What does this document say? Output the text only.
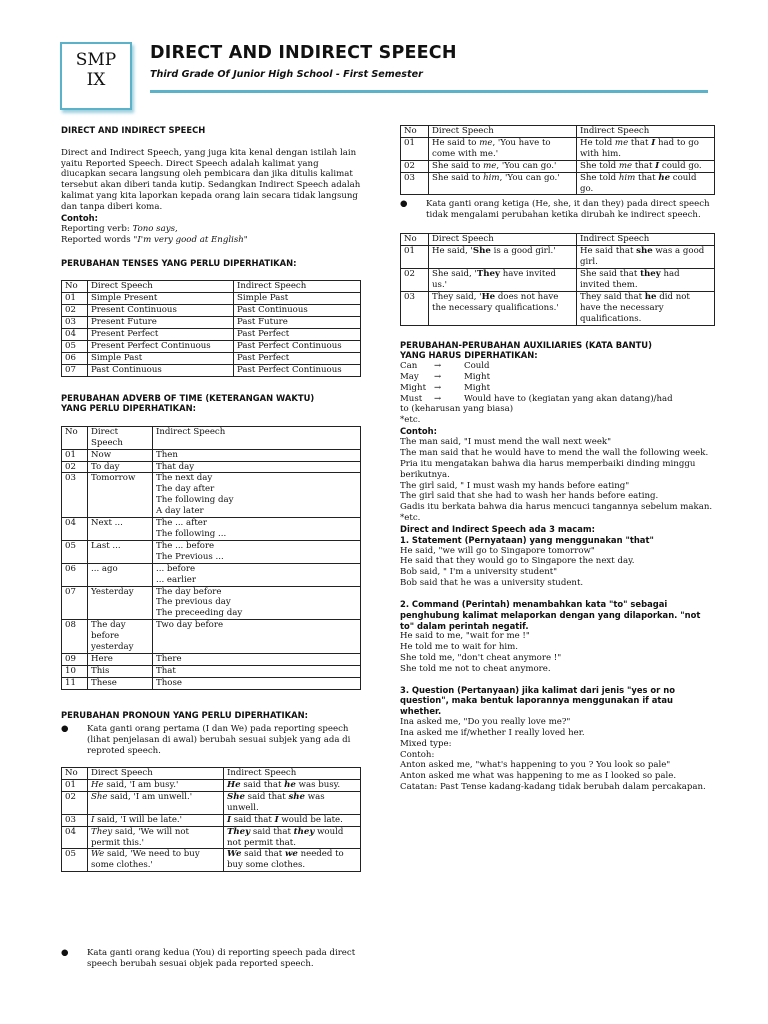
SMP
IX
DIRECT AND INDIRECT SPEECH
Third Grade Of Junior High School - First Semester

DIRECT AND INDIRECT SPEECH

Direct and Indirect Speech, yang juga kita kenal dengan istilah lain yaitu Reported Speech. Direct Speech adalah kalimat yang diucapkan secara langsung oleh pembicara dan jika ditulis kalimat tersebut akan diberi tanda kutip. Sedangkan Indirect Speech adalah kalimat yang kita laporkan kepada orang lain secara tidak langsung dan tanpa diberi koma.

Contoh:

Reporting verb: Tono says,

Reported words "I'm very good at English"

PERUBAHAN TENSES YANG PERLU DIPERHATIKAN:

No	Direct Speech	Indirect Speech
01	Simple Present	Simple Past
02	Present Continuous	Past Continuous
03	Present Future	Past Future
04	Present Perfect	Past Perfect
05	Present Perfect Continuous	Past Perfect Continuous
06	Simple Past	Past Perfect
07	Past Continuous	Past Perfect Continuous

PERUBAHAN ADVERB OF TIME (KETERANGAN WAKTU)

YANG PERLU DIPERHATIKAN:

No	Direct
Speech	Indirect Speech
01	Now	Then
02	To day	That day
03	Tomorrow	The next day
The day after
The following day
A day later

04	Next ...	The ... after
The following ...

05	Last ...	The ... before
The Previous ...

06	... ago	... before
... earlier

07	Yesterday	The day before
The previous day
The preceeding day

08	The day
before
yesterday	Two day before
09	Here	There
10	This	That
11	These	Those

PERUBAHAN PRONOUN YANG PERLU DIPERHATIKAN:

● Kata ganti orang pertama (I dan We) pada reporting speech (lihat penjelasan di awal) berubah sesuai subjek yang ada di reproted speech.
No	Direct Speech	Indirect Speech
01	He said, 'I am busy.'	He said that he was busy.
02	She said, 'I am unwell.'	She said that she was unwell.
03	I said, 'I will be late.'	I said that I would be late.
04	They said, 'We will not permit this.'	They said that they would not permit that.
05	We said, 'We need to buy some clothes.'	We said that we needed to buy some clothes.
● Kata ganti orang kedua (You) di reporting speech pada direct speech berubah sesuai objek pada reported speech.
No	Direct Speech	Indirect Speech
01	He said to me, 'You have to come with me.'	He told me that I had to go with him.
02	She said to me, 'You can go.'	She told me that I could go.
03	She said to him, 'You can go.'	She told him that he could go.
● Kata ganti orang ketiga (He, she, it dan they) pada direct speech tidak mengalami perubahan ketika dirubah ke indirect speech.
No	Direct Speech	Indirect Speech
01	He said, 'She is a good girl.'	He said that she was a good girl.
02	She said, 'They have invited us.'	She said that they had invited them.
03	They said, 'He does not have the necessary qualifications.'	They said that he did not have the necessary qualifications.

PERUBAHAN-PERUBAHAN AUXILIARIES (KATA BANTU)

YANG HARUS DIPERHATIKAN:

Can	→	Could
May	→	Might
Might →	Might
Must	→	Would have to (kegiatan yang akan datang)/had

to (keharusan yang biasa)

*etc.

Contoh:

The man said, "I must mend the wall next week"

The man said that he would have to mend the wall the following week.

Pria itu mengatakan bahwa dia harus memperbaiki dinding minggu berikutnya.

The girl said, " I must wash my hands before eating"

The girl said that she had to wash her hands before eating.

Gadis itu berkata bahwa dia harus mencuci tangannya sebelum makan.

*etc.

Direct and Indirect Speech ada 3 macam:

1. Statement (Pernyataan) yang menggunakan "that"

He said, "we will go to Singapore tomorrow"

He said that they would go to Singapore the next day.

Bob said, " I'm a university student"

Bob said that he was a university student.

2. Command (Perintah) menambahkan kata "to" sebagai penghubung kalimat melaporkan dengan yang dilaporkan. "not to" dalam perintah negatif.

He said to me, "wait for me !"

He told me to wait for him.

She told me, "don't cheat anymore !"

She told me not to cheat anymore.

3. Question (Pertanyaan) jika kalimat dari jenis "yes or no question", maka bentuk laporannya menggunakan if atau whether.

Ina asked me, "Do you really love me?"

Ina asked me if/whether I really loved her.

Mixed type:

Contoh:

Anton asked me, "what's happening to you ? You look so pale"

Anton asked me what was happening to me as I looked so pale.

Catatan: Past Tense kadang-kadang tidak berubah dalam percakapan.
